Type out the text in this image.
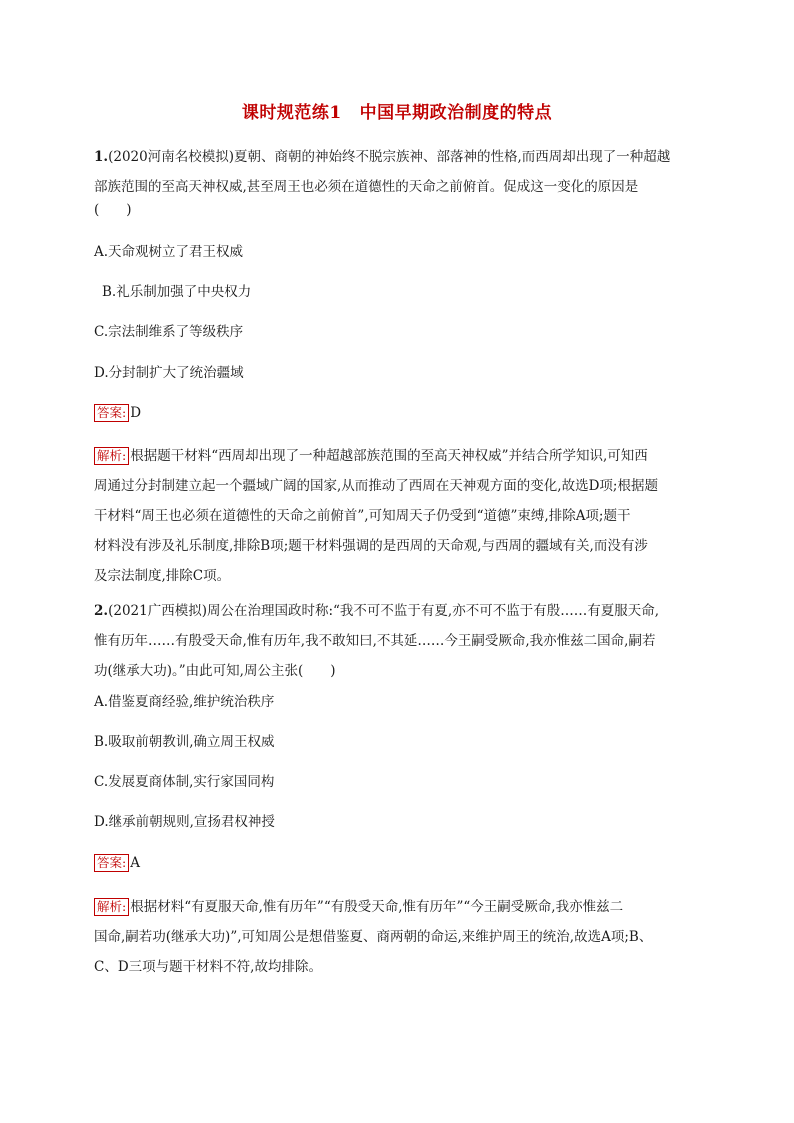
课时规范练1 中国早期政治制度的特点
1.(2020河南名校模拟)夏朝、商朝的神始终不脱宗族神、部落神的性格,而西周却出现了一种超越
部族范围的至高天神权威,甚至周王也必须在道德性的天命之前俯首。促成这一变化的原因是
(　　)
A.天命观树立了君王权威
B.礼乐制加强了中央权力
C.宗法制维系了等级秩序
D.分封制扩大了统治疆域
答案: D
解析: 根据题干材料“西周却出现了一种超越部族范围的至高天神权威”并结合所学知识,可知西
周通过分封制建立起一个疆域广阔的国家,从而推动了西周在天神观方面的变化,故选D项;根据题
干材料“周王也必须在道德性的天命之前俯首”,可知周天子仍受到“道德”束缚,排除A项;题干
材料没有涉及礼乐制度,排除B项;题干材料强调的是西周的天命观,与西周的疆域有关,而没有涉
及宗法制度,排除C项。
2.(2021广西模拟)周公在治理国政时称:“我不可不监于有夏,亦不可不监于有殷……有夏服天命,
惟有历年……有殷受天命,惟有历年,我不敢知曰,不其延……今王嗣受厥命,我亦惟兹二国命,嗣若
功(继承大功)。”由此可知,周公主张(　　)
A.借鉴夏商经验,维护统治秩序
B.吸取前朝教训,确立周王权威
C.发展夏商体制,实行家国同构
D.继承前朝规则,宣扬君权神授
答案: A
解析: 根据材料“有夏服天命,惟有历年”“有殷受天命,惟有历年”“今王嗣受厥命,我亦惟兹二
国命,嗣若功(继承大功)”,可知周公是想借鉴夏、商两朝的命运,来维护周王的统治,故选A项;B、
C、D三项与题干材料不符,故均排除。
